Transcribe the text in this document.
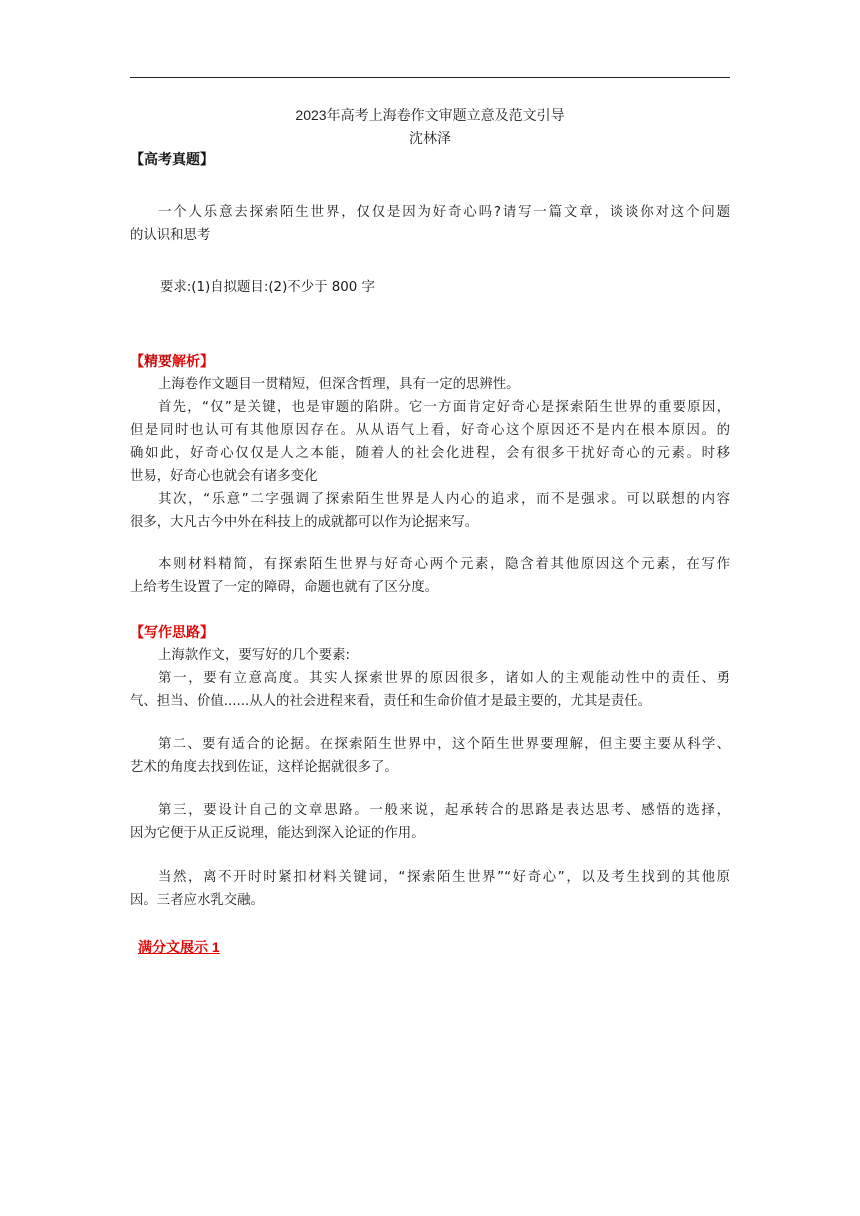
2023年高考上海卷作文审题立意及范文引导
沈林泽
【高考真题】
一个人乐意去探索陌生世界，仅仅是因为好奇心吗?请写一篇文章，谈谈你对这个问题
的认识和思考
要求:(1)自拟题目:(2)不少于 800 字
【精要解析】
上海卷作文题目一贯精短，但深含哲理，具有一定的思辨性。
首先，“仅”是关键，也是审题的陷阱。它一方面肯定好奇心是探索陌生世界的重要原因，
但是同时也认可有其他原因存在。从从语气上看，好奇心这个原因还不是内在根本原因。的
确如此，好奇心仅仅是人之本能，随着人的社会化进程，会有很多干扰好奇心的元素。时移
世易，好奇心也就会有诸多变化
其次，“乐意”二字强调了探索陌生世界是人内心的追求，而不是强求。可以联想的内容
很多，大凡古今中外在科技上的成就都可以作为论据来写。
本则材料精简，有探索陌生世界与好奇心两个元素，隐含着其他原因这个元素，在写作
上给考生设置了一定的障碍，命题也就有了区分度。
【写作思路】
上海款作文，要写好的几个要素:
第一，要有立意高度。其实人探索世界的原因很多，诸如人的主观能动性中的责任、勇
气、担当、价值......从人的社会进程来看，责任和生命价值才是最主要的，尤其是责任。
第二、要有适合的论据。在探索陌生世界中，这个陌生世界要理解，但主要主要从科学、
艺术的角度去找到佐证，这样论据就很多了。
第三，要设计自己的文章思路。一般来说，起承转合的思路是表达思考、感悟的选择，
因为它便于从正反说理，能达到深入论证的作用。
当然，离不开时时紧扣材料关键词，“探索陌生世界”“好奇心”，以及考生找到的其他原
因。三者应水乳交融。
满分文展示 1
